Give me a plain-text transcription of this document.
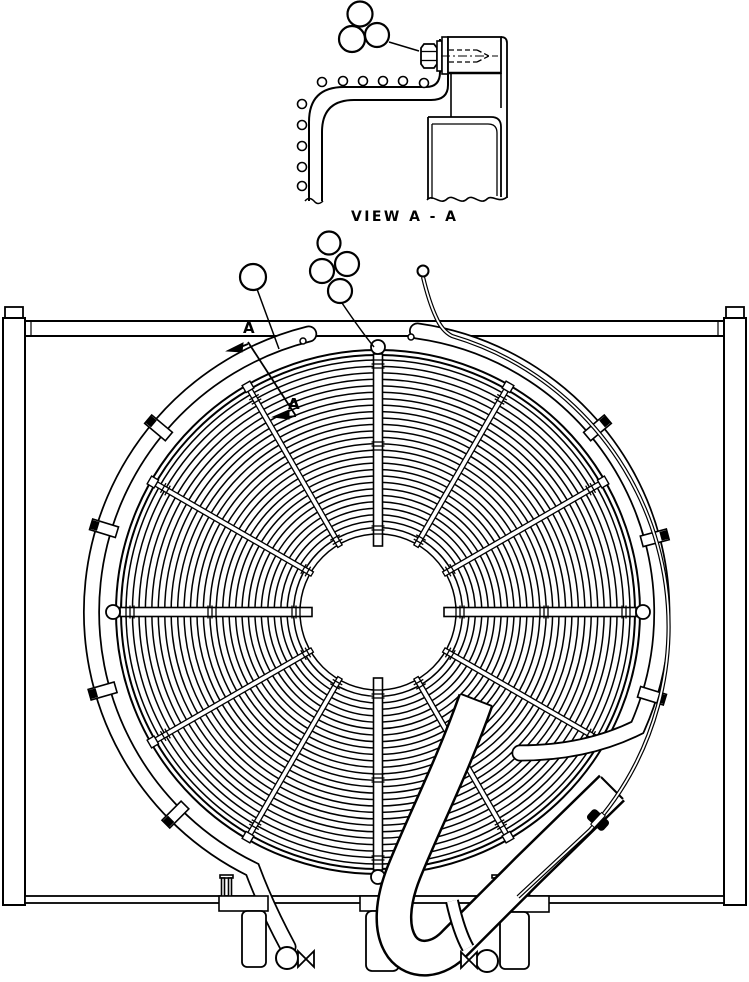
VIEW A - A
A
A
